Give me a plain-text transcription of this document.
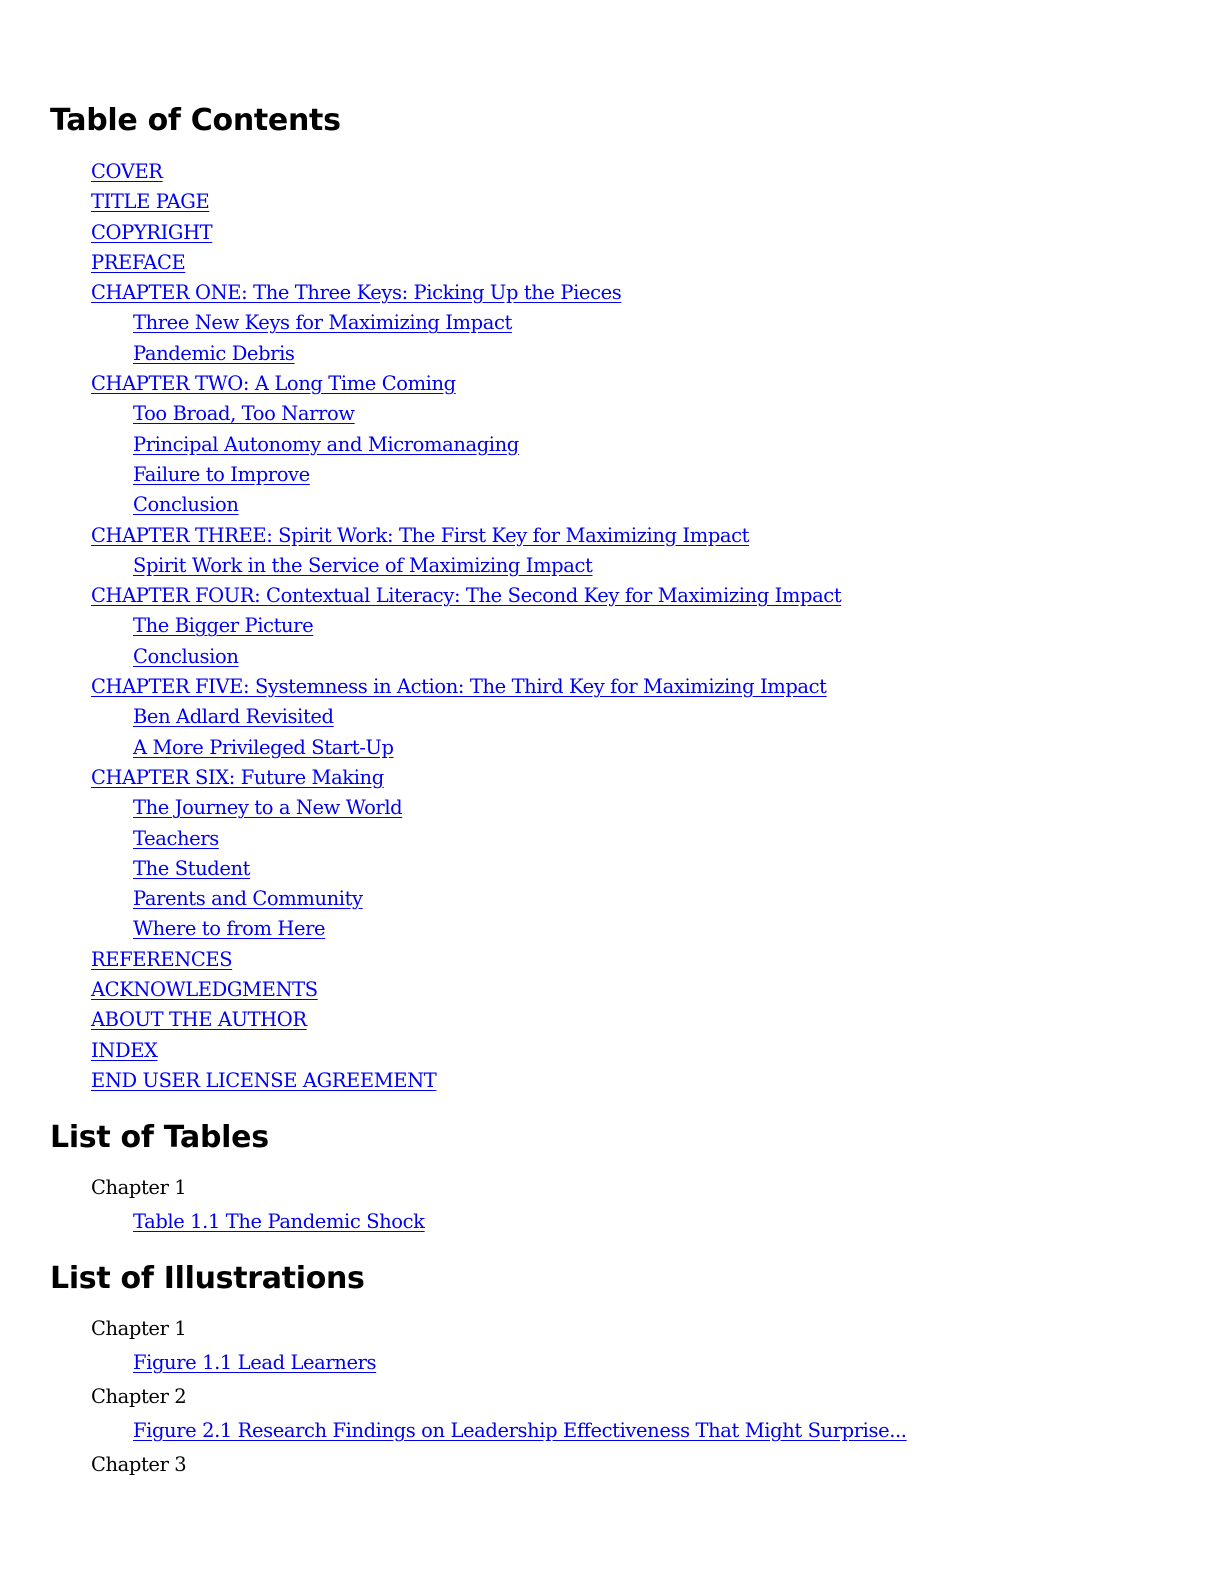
Table of Contents
COVER
TITLE PAGE
COPYRIGHT
PREFACE
CHAPTER ONE: The Three Keys: Picking Up the Pieces
Three New Keys for Maximizing Impact
Pandemic Debris
CHAPTER TWO: A Long Time Coming
Too Broad, Too Narrow
Principal Autonomy and Micromanaging
Failure to Improve
Conclusion
CHAPTER THREE: Spirit Work: The First Key for Maximizing Impact
Spirit Work in the Service of Maximizing Impact
CHAPTER FOUR: Contextual Literacy: The Second Key for Maximizing Impact
The Bigger Picture
Conclusion
CHAPTER FIVE: Systemness in Action: The Third Key for Maximizing Impact
Ben Adlard Revisited
A More Privileged Start-Up
CHAPTER SIX: Future Making
The Journey to a New World
Teachers
The Student
Parents and Community
Where to from Here
REFERENCES
ACKNOWLEDGMENTS
ABOUT THE AUTHOR
INDEX
END USER LICENSE AGREEMENT
List of Tables
Chapter 1
Table 1.1 The Pandemic Shock
List of Illustrations
Chapter 1
Figure 1.1 Lead Learners
Chapter 2
Figure 2.1 Research Findings on Leadership Effectiveness That Might Surprise...
Chapter 3
